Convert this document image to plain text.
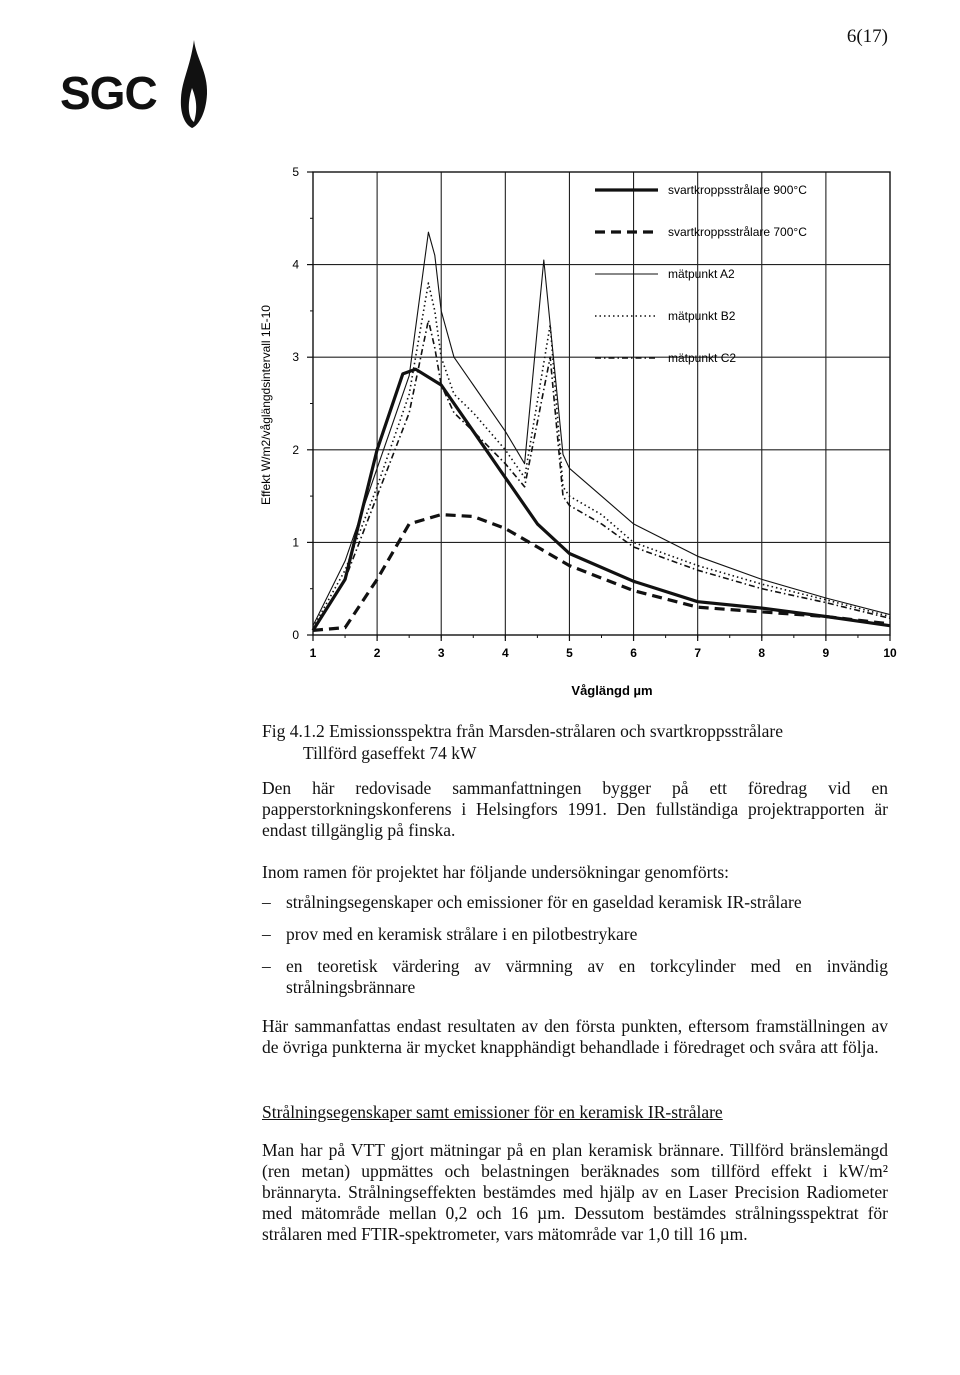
SGC
6(17)
1	2	3	4	5	6	7	8	9	10
0
1
2
3
4
5
svartkroppsstrålare 900°C
svartkroppsstrålare 700°C
mätpunkt A2
mätpunkt B2
mätpunkt C2
Våglängd µm
Effekt W/m2/våglängdsintervall 1E-10
Fig 4.1.2 Emissionsspektra från Marsden-strålaren och svartkroppsstrålare
Tillförd gaseffekt 74 kW

Den här redovisade sammanfattningen bygger på ett föredrag vid en papperstorkningskonferens i Helsingfors 1991. Den fullständiga projektrapporten är endast tillgänglig på finska.

Inom ramen för projektet har följande undersökningar genomförts:

– strålningsegenskaper och emissioner för en gaseldad keramisk IR-strålare
– prov med en keramisk strålare i en pilotbestrykare
– en teoretisk värdering av värmning av en torkcylinder med en invändig strålningsbrännare

Här sammanfattas endast resultaten av den första punkten, eftersom framställningen av de övriga punkterna är mycket knapphändigt behandlade i föredraget och svåra att följa.

Strålningsegenskaper samt emissioner för en keramisk IR-strålare

Man har på VTT gjort mätningar på en plan keramisk brännare. Tillförd bränslemängd (ren metan) uppmättes och belastningen beräknades som tillförd effekt i kW/m² brännaryta. Strålningseffekten bestämdes med hjälp av en Laser Precision Radiometer med mätområde mellan 0,2 och 16 µm. Dessutom bestämdes strålningsspektrat för strålaren med FTIR-spektrometer, vars mätområde var 1,0 till 16 µm.
